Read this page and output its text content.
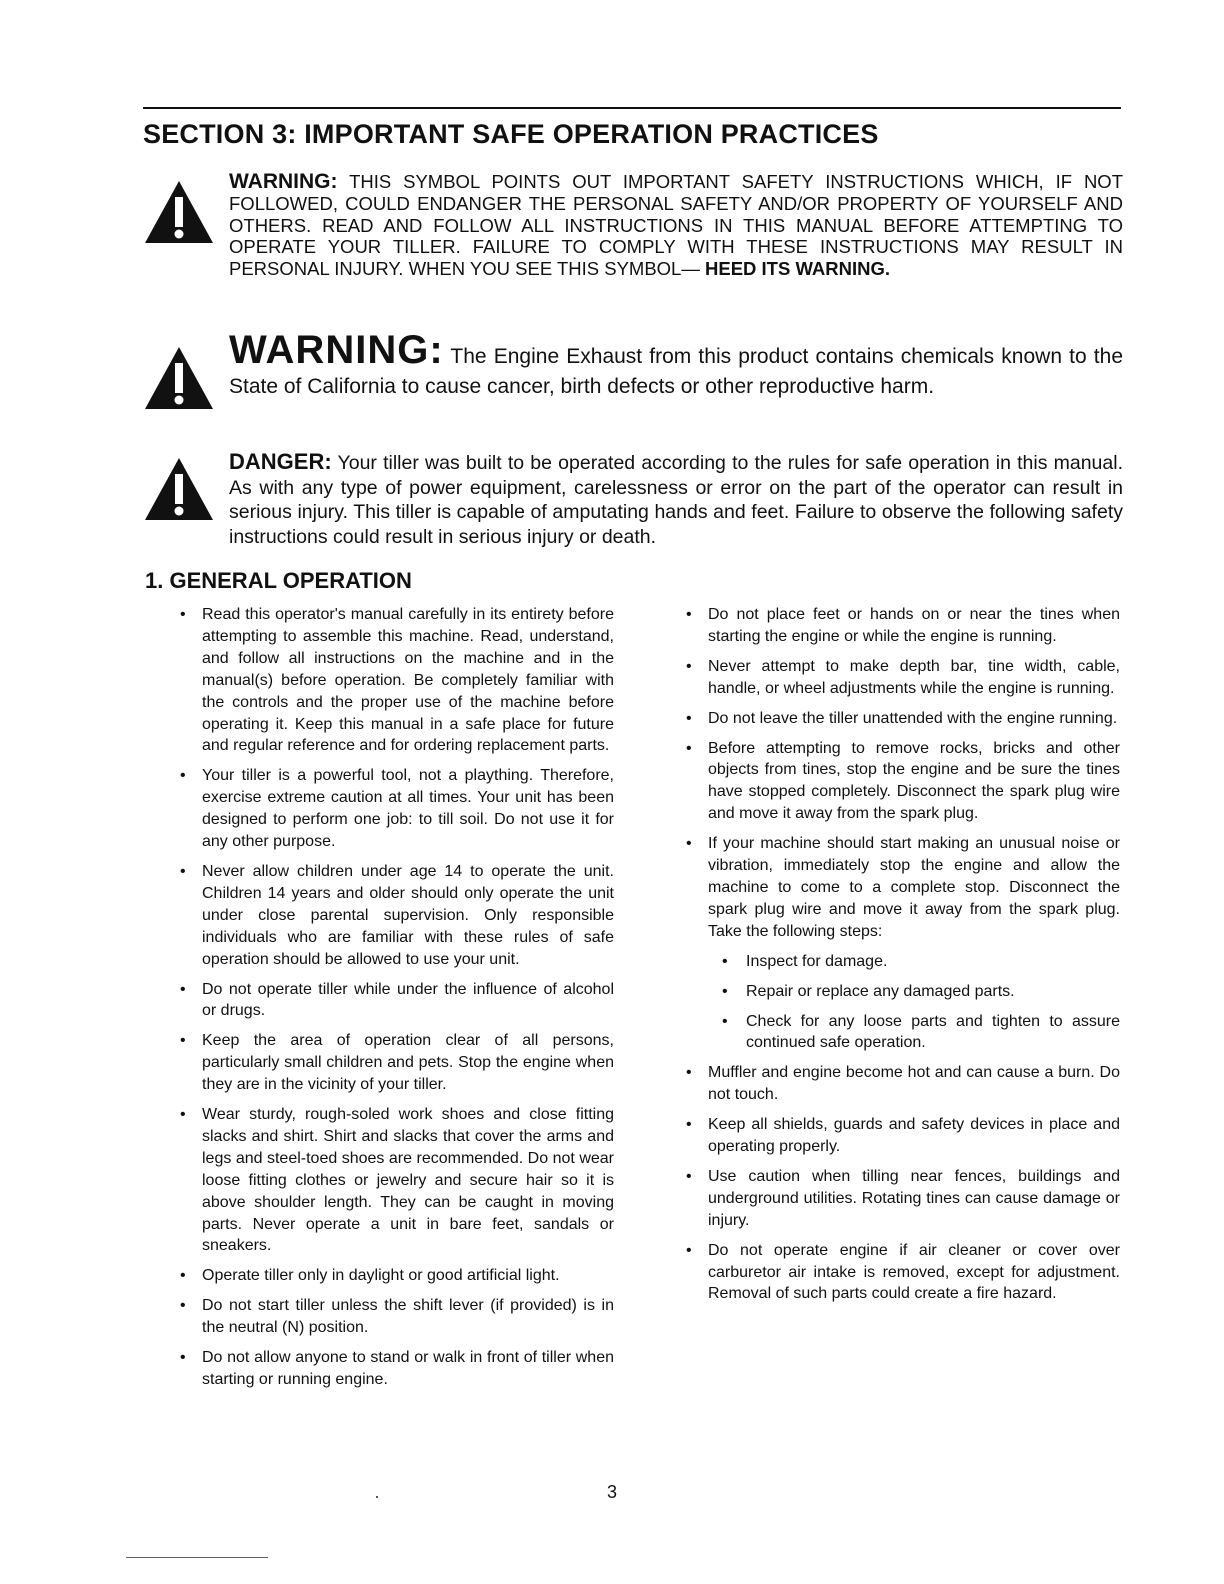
SECTION 3: IMPORTANT SAFE OPERATION PRACTICES

WARNING: THIS SYMBOL POINTS OUT IMPORTANT SAFETY INSTRUCTIONS WHICH, IF NOT FOLLOWED, COULD ENDANGER THE PERSONAL SAFETY AND/OR PROPERTY OF YOURSELF AND OTHERS. READ AND FOLLOW ALL INSTRUCTIONS IN THIS MANUAL BEFORE ATTEMPTING TO OPERATE YOUR TILLER. FAILURE TO COMPLY WITH THESE INSTRUCTIONS MAY RESULT IN PERSONAL INJURY. WHEN YOU SEE THIS SYMBOL— HEED ITS WARNING.

WARNING: The Engine Exhaust from this product contains chemicals known to the State of California to cause cancer, birth defects or other reproductive harm.

DANGER: Your tiller was built to be operated according to the rules for safe operation in this manual. As with any type of power equipment, carelessness or error on the part of the operator can result in serious injury. This tiller is capable of amputating hands and feet. Failure to observe the following safety instructions could result in serious injury or death.

1. GENERAL OPERATION
• Read this operator's manual carefully in its entirety before attempting to assemble this machine. Read, understand, and follow all instructions on the machine and in the manual(s) before operation. Be completely familiar with the controls and the proper use of the machine before operating it. Keep this manual in a safe place for future and regular reference and for ordering replacement parts.
• Your tiller is a powerful tool, not a plaything. Therefore, exercise extreme caution at all times. Your unit has been designed to perform one job: to till soil. Do not use it for any other purpose.
• Never allow children under age 14 to operate the unit. Children 14 years and older should only operate the unit under close parental supervision. Only responsible individuals who are familiar with these rules of safe operation should be allowed to use your unit.
• Do not operate tiller while under the influence of alcohol or drugs.
• Keep the area of operation clear of all persons, particularly small children and pets. Stop the engine when they are in the vicinity of your tiller.
• Wear sturdy, rough-soled work shoes and close fitting slacks and shirt. Shirt and slacks that cover the arms and legs and steel-toed shoes are recommended. Do not wear loose fitting clothes or jewelry and secure hair so it is above shoulder length. They can be caught in moving parts. Never operate a unit in bare feet, sandals or sneakers.
• Operate tiller only in daylight or good artificial light.
• Do not start tiller unless the shift lever (if provided) is in the neutral (N) position.
• Do not allow anyone to stand or walk in front of tiller when starting or running engine.
• Do not place feet or hands on or near the tines when starting the engine or while the engine is running.
• Never attempt to make depth bar, tine width, cable, handle, or wheel adjustments while the engine is running.
• Do not leave the tiller unattended with the engine running.
• Before attempting to remove rocks, bricks and other objects from tines, stop the engine and be sure the tines have stopped completely. Disconnect the spark plug wire and move it away from the spark plug.
• If your machine should start making an unusual noise or vibration, immediately stop the engine and allow the machine to come to a complete stop. Disconnect the spark plug wire and move it away from the spark plug. Take the following steps:
• Inspect for damage.
• Repair or replace any damaged parts.
• Check for any loose parts and tighten to assure continued safe operation.
• Muffler and engine become hot and can cause a burn. Do not touch.
• Keep all shields, guards and safety devices in place and operating properly.
• Use caution when tilling near fences, buildings and underground utilities. Rotating tines can cause damage or injury.
• Do not operate engine if air cleaner or cover over carburetor air intake is removed, except for adjustment. Removal of such parts could create a fire hazard.
3
